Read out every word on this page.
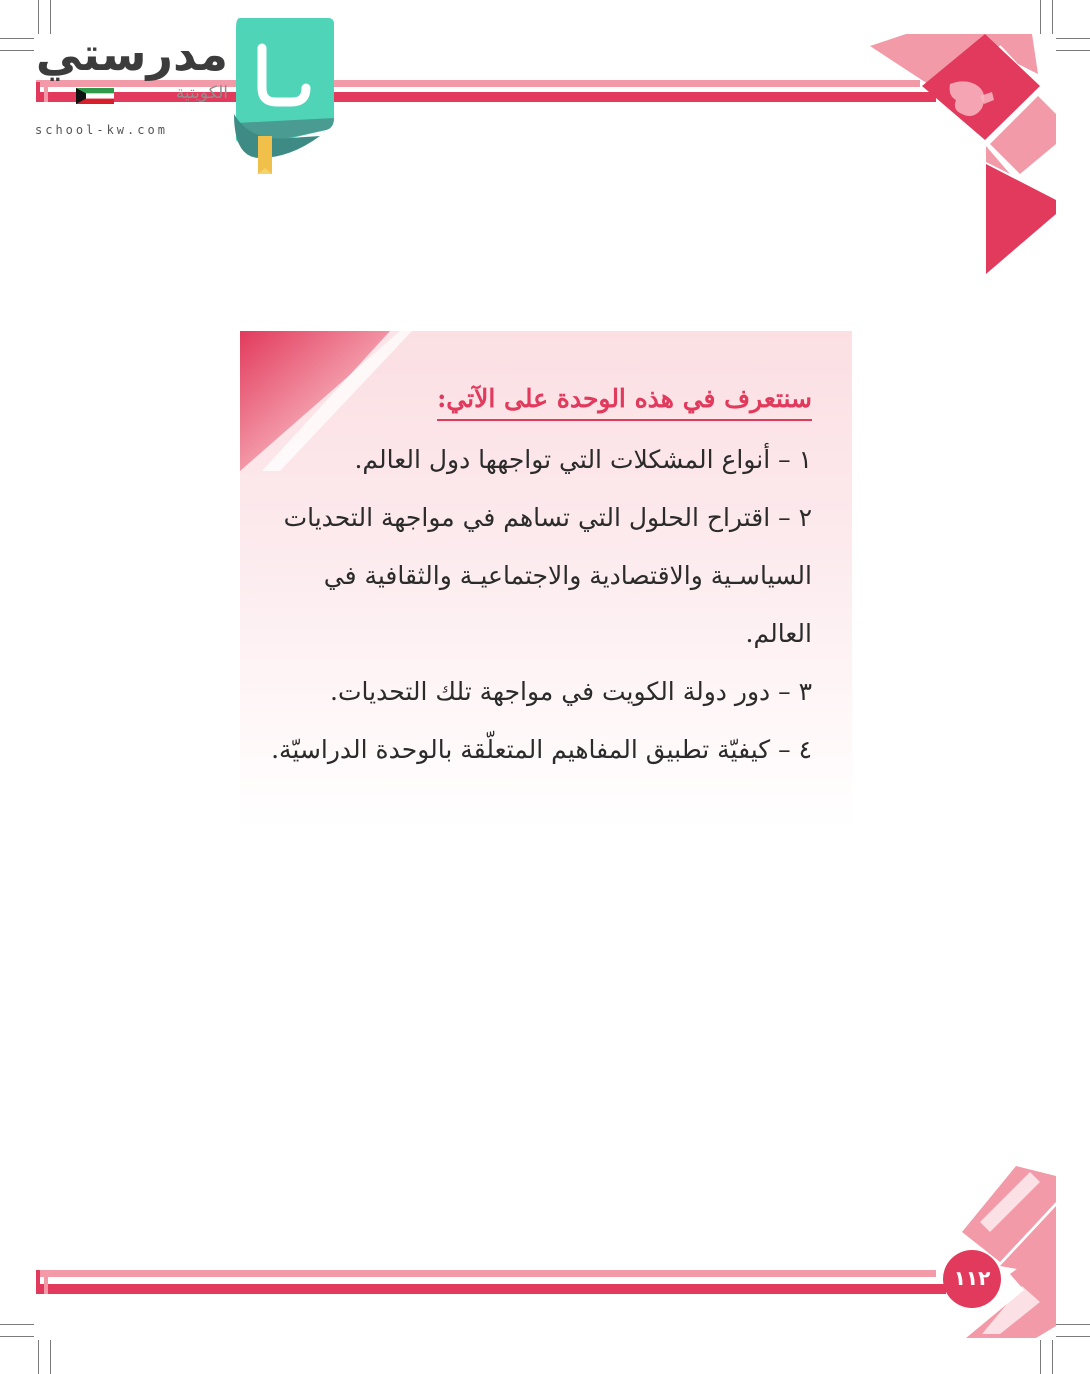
مدرستي
الكويتية
school-kw.com
سنتعرف في هذه الوحدة على الآتي:
١ – أنواع المشكلات التي تواجهها دول العالم.
٢ – اقتراح الحلول التي تساهم في مواجهة التحديات السياسـية والاقتصادية والاجتماعيـة والثقافية في العالم.
٣ – دور دولة الكويت في مواجهة تلك التحديات.
٤ – كيفيّة تطبيق المفاهيم المتعلّقة بالوحدة الدراسيّة.
١١٢
